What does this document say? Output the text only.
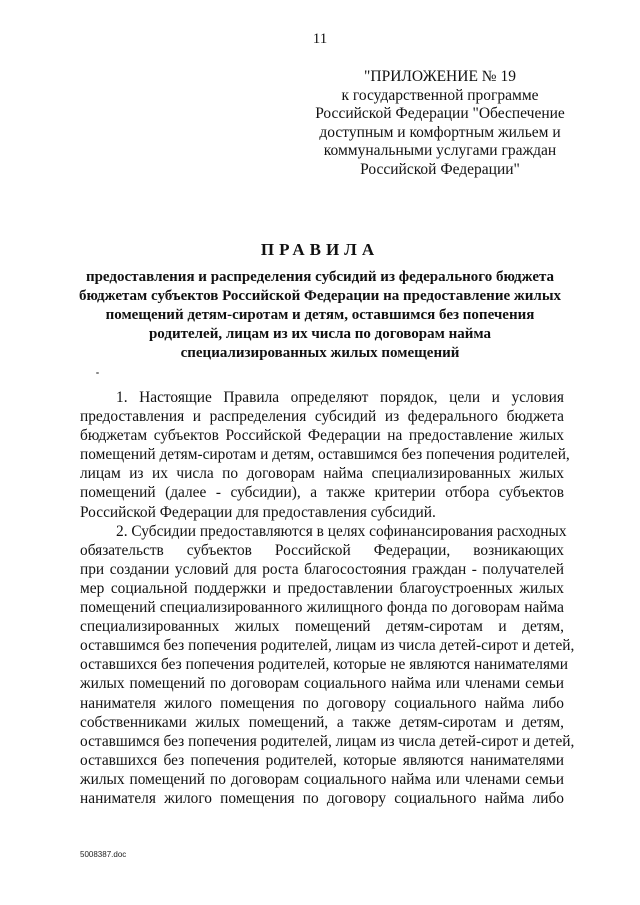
11
"ПРИЛОЖЕНИЕ № 19
к государственной программе
Российской Федерации "Обеспечение
доступным и комфортным жильем и
коммунальными услугами граждан
Российской Федерации"
ПРАВИЛА
предоставления и распределения субсидий из федерального бюджета
бюджетам субъектов Российской Федерации на предоставление жилых
помещений детям-сиротам и детям, оставшимся без попечения
родителей, лицам из их числа по договорам найма
специализированных жилых помещений
1. Настоящие Правила определяют порядок, цели и условия
предоставления и распределения субсидий из федерального бюджета
бюджетам субъектов Российской Федерации на предоставление жилых
помещений детям-сиротам и детям, оставшимся без попечения родителей,
лицам из их числа по договорам найма специализированных жилых
помещений (далее - субсидии), а также критерии отбора субъектов
Российской Федерации для предоставления субсидий.
2. Субсидии предоставляются в целях софинансирования расходных
обязательств субъектов Российской Федерации, возникающих
при создании условий для роста благосостояния граждан - получателей
мер социальной поддержки и предоставлении благоустроенных жилых
помещений специализированного жилищного фонда по договорам найма
специализированных жилых помещений детям-сиротам и детям,
оставшимся без попечения родителей, лицам из числа детей-сирот и детей,
оставшихся без попечения родителей, которые не являются нанимателями
жилых помещений по договорам социального найма или членами семьи
нанимателя жилого помещения по договору социального найма либо
собственниками жилых помещений, а также детям-сиротам и детям,
оставшимся без попечения родителей, лицам из числа детей-сирот и детей,
оставшихся без попечения родителей, которые являются нанимателями
жилых помещений по договорам социального найма или членами семьи
нанимателя жилого помещения по договору социального найма либо
5008387.doc
